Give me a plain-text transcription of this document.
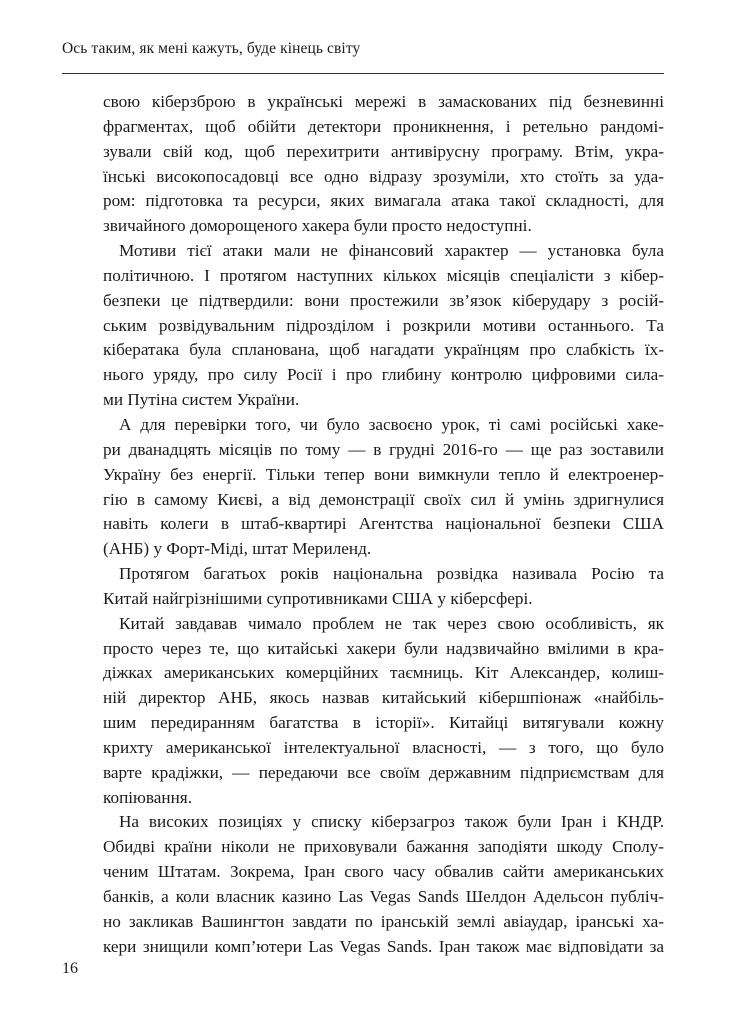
Ось таким, як мені кажуть, буде кінець світу
свою кіберзброю в українські мережі в замаскованих під безневинні
фрагментах, щоб обійти детектори проникнення, і ретельно рандомі-
зували свій код, щоб перехитрити антивірусну програму. Втім, укра-
їнські високопосадовці все одно відразу зрозуміли, хто стоїть за уда-
ром: підготовка та ресурси, яких вимагала атака такої складності, для
звичайного доморощеного хакера були просто недоступні.
Мотиви тієї атаки мали не фінансовий характер — установка була
політичною. І протягом наступних кількох місяців спеціалісти з кібер-
безпеки це підтвердили: вони простежили зв’язок кіберудару з росій-
ським розвідувальним підрозділом і розкрили мотиви останнього. Та
кібератака була спланована, щоб нагадати українцям про слабкість їх-
нього уряду, про силу Росії і про глибину контролю цифровими сила-
ми Путіна систем України.
А для перевірки того, чи було засвоєно урок, ті самі російські хаке-
ри дванадцять місяців по тому — в грудні 2016-го — ще раз зоставили
Україну без енергії. Тільки тепер вони вимкнули тепло й електроенер-
гію в самому Києві, а від демонстрації своїх сил й умінь здригнулися
навіть колеги в штаб-квартирі Агентства національної безпеки США
(АНБ) у Форт-Міді, штат Мериленд.
Протягом багатьох років національна розвідка називала Росію та
Китай найгрізнішими супротивниками США у кіберсфері.
Китай завдавав чимало проблем не так через свою особливість, як
просто через те, що китайські хакери були надзвичайно вмілими в кра-
діжках американських комерційних таємниць. Кіт Александер, колиш-
ній директор АНБ, якось назвав китайський кібершпіонаж «найбіль-
шим передиранням багатства в історії». Китайці витягували кожну
крихту американської інтелектуальної власності, — з того, що було
варте крадіжки, — передаючи все своїм державним підприємствам для
копіювання.
На високих позиціях у списку кіберзагроз також були Іран і КНДР.
Обидві країни ніколи не приховували бажання заподіяти шкоду Сполу-
ченим Штатам. Зокрема, Іран свого часу обвалив сайти американських
банків, а коли власник казино Las Vegas Sands Шелдон Адельсон публіч-
но закликав Вашингтон завдати по іранській землі авіаудар, іранські ха-
кери знищили комп’ютери Las Vegas Sands. Іран також має відповідати за
16
